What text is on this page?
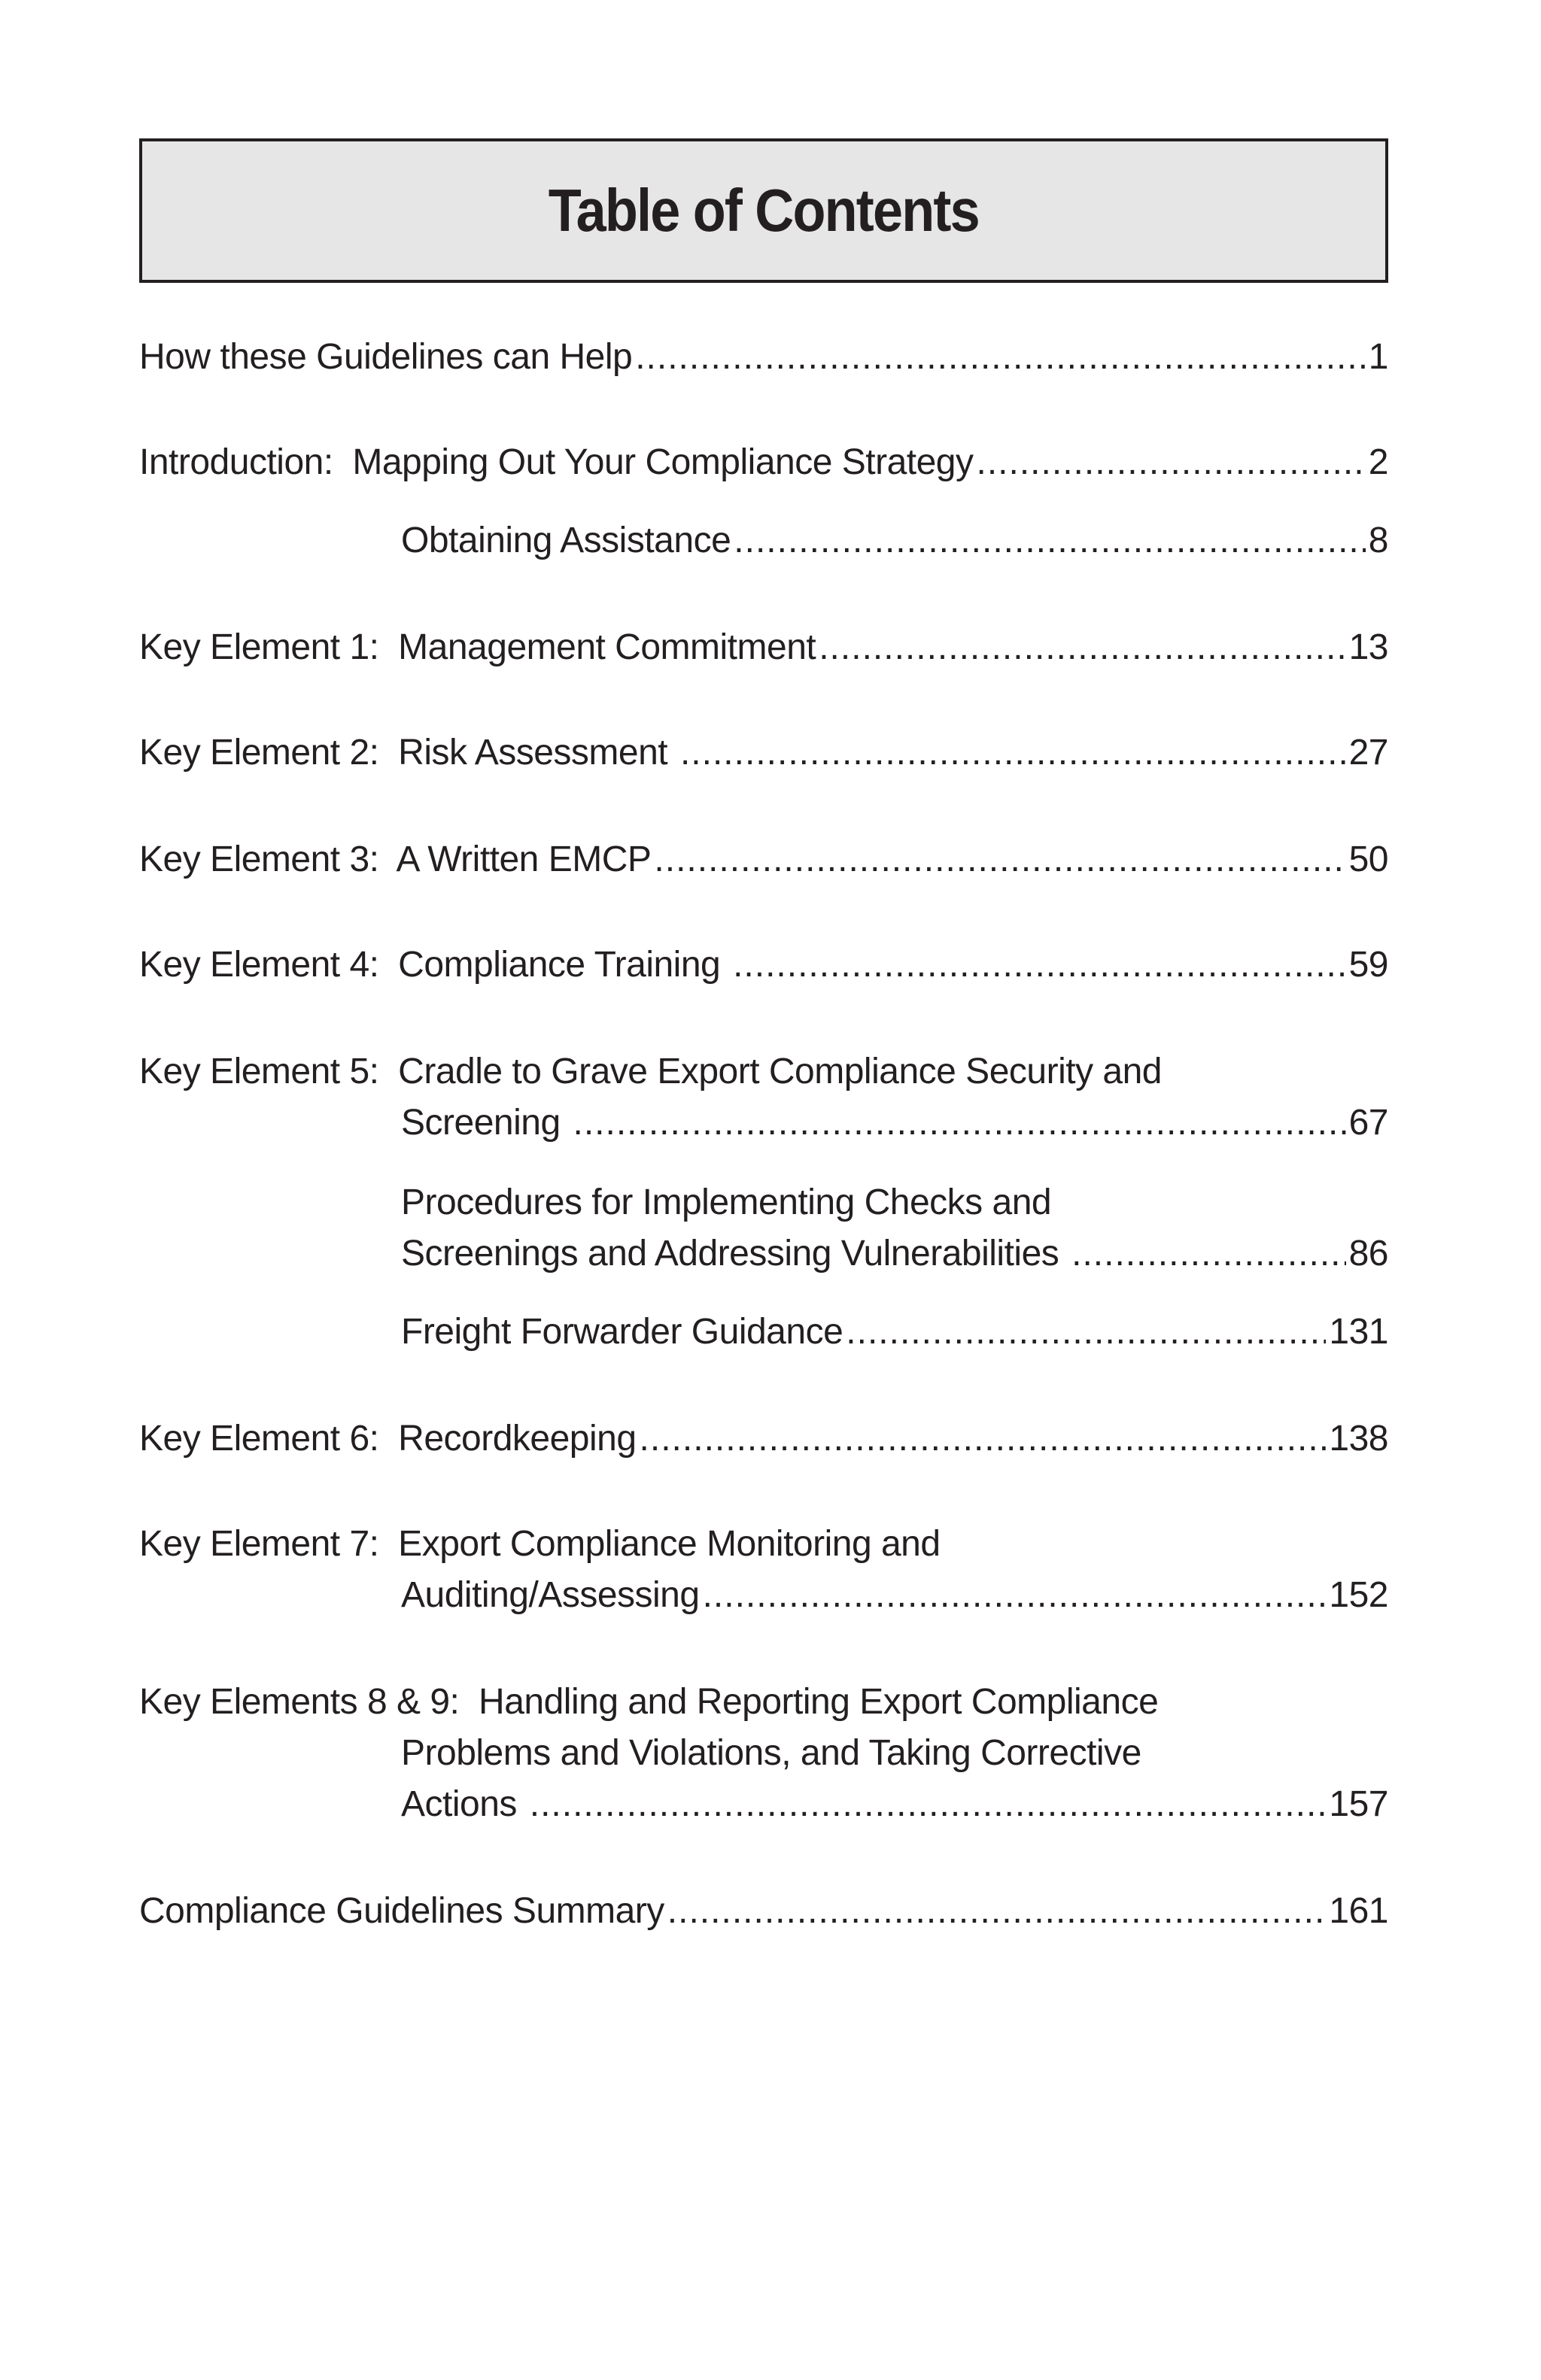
Table of Contents
How these Guidelines can Help .....	1
Introduction:  Mapping Out Your Compliance Strategy .....	2
Obtaining Assistance .....	8
Key Element 1:  Management Commitment .....	13
Key Element 2:  Risk Assessment .....	27
Key Element 3:  A Written EMCP .....	50
Key Element 4:  Compliance Training .....	59
Key Element 5:  Cradle to Grave Export Compliance Security and
Screening .....	67
Procedures for Implementing Checks and
Screenings and Addressing Vulnerabilities .....	86
Freight Forwarder Guidance .....	131
Key Element 6:  Recordkeeping .....	138
Key Element 7:  Export Compliance Monitoring and
Auditing/Assessing .....	152
Key Elements 8 & 9:  Handling and Reporting Export Compliance
Problems and Violations, and Taking Corrective
Actions .....	157
Compliance Guidelines Summary .....	161
